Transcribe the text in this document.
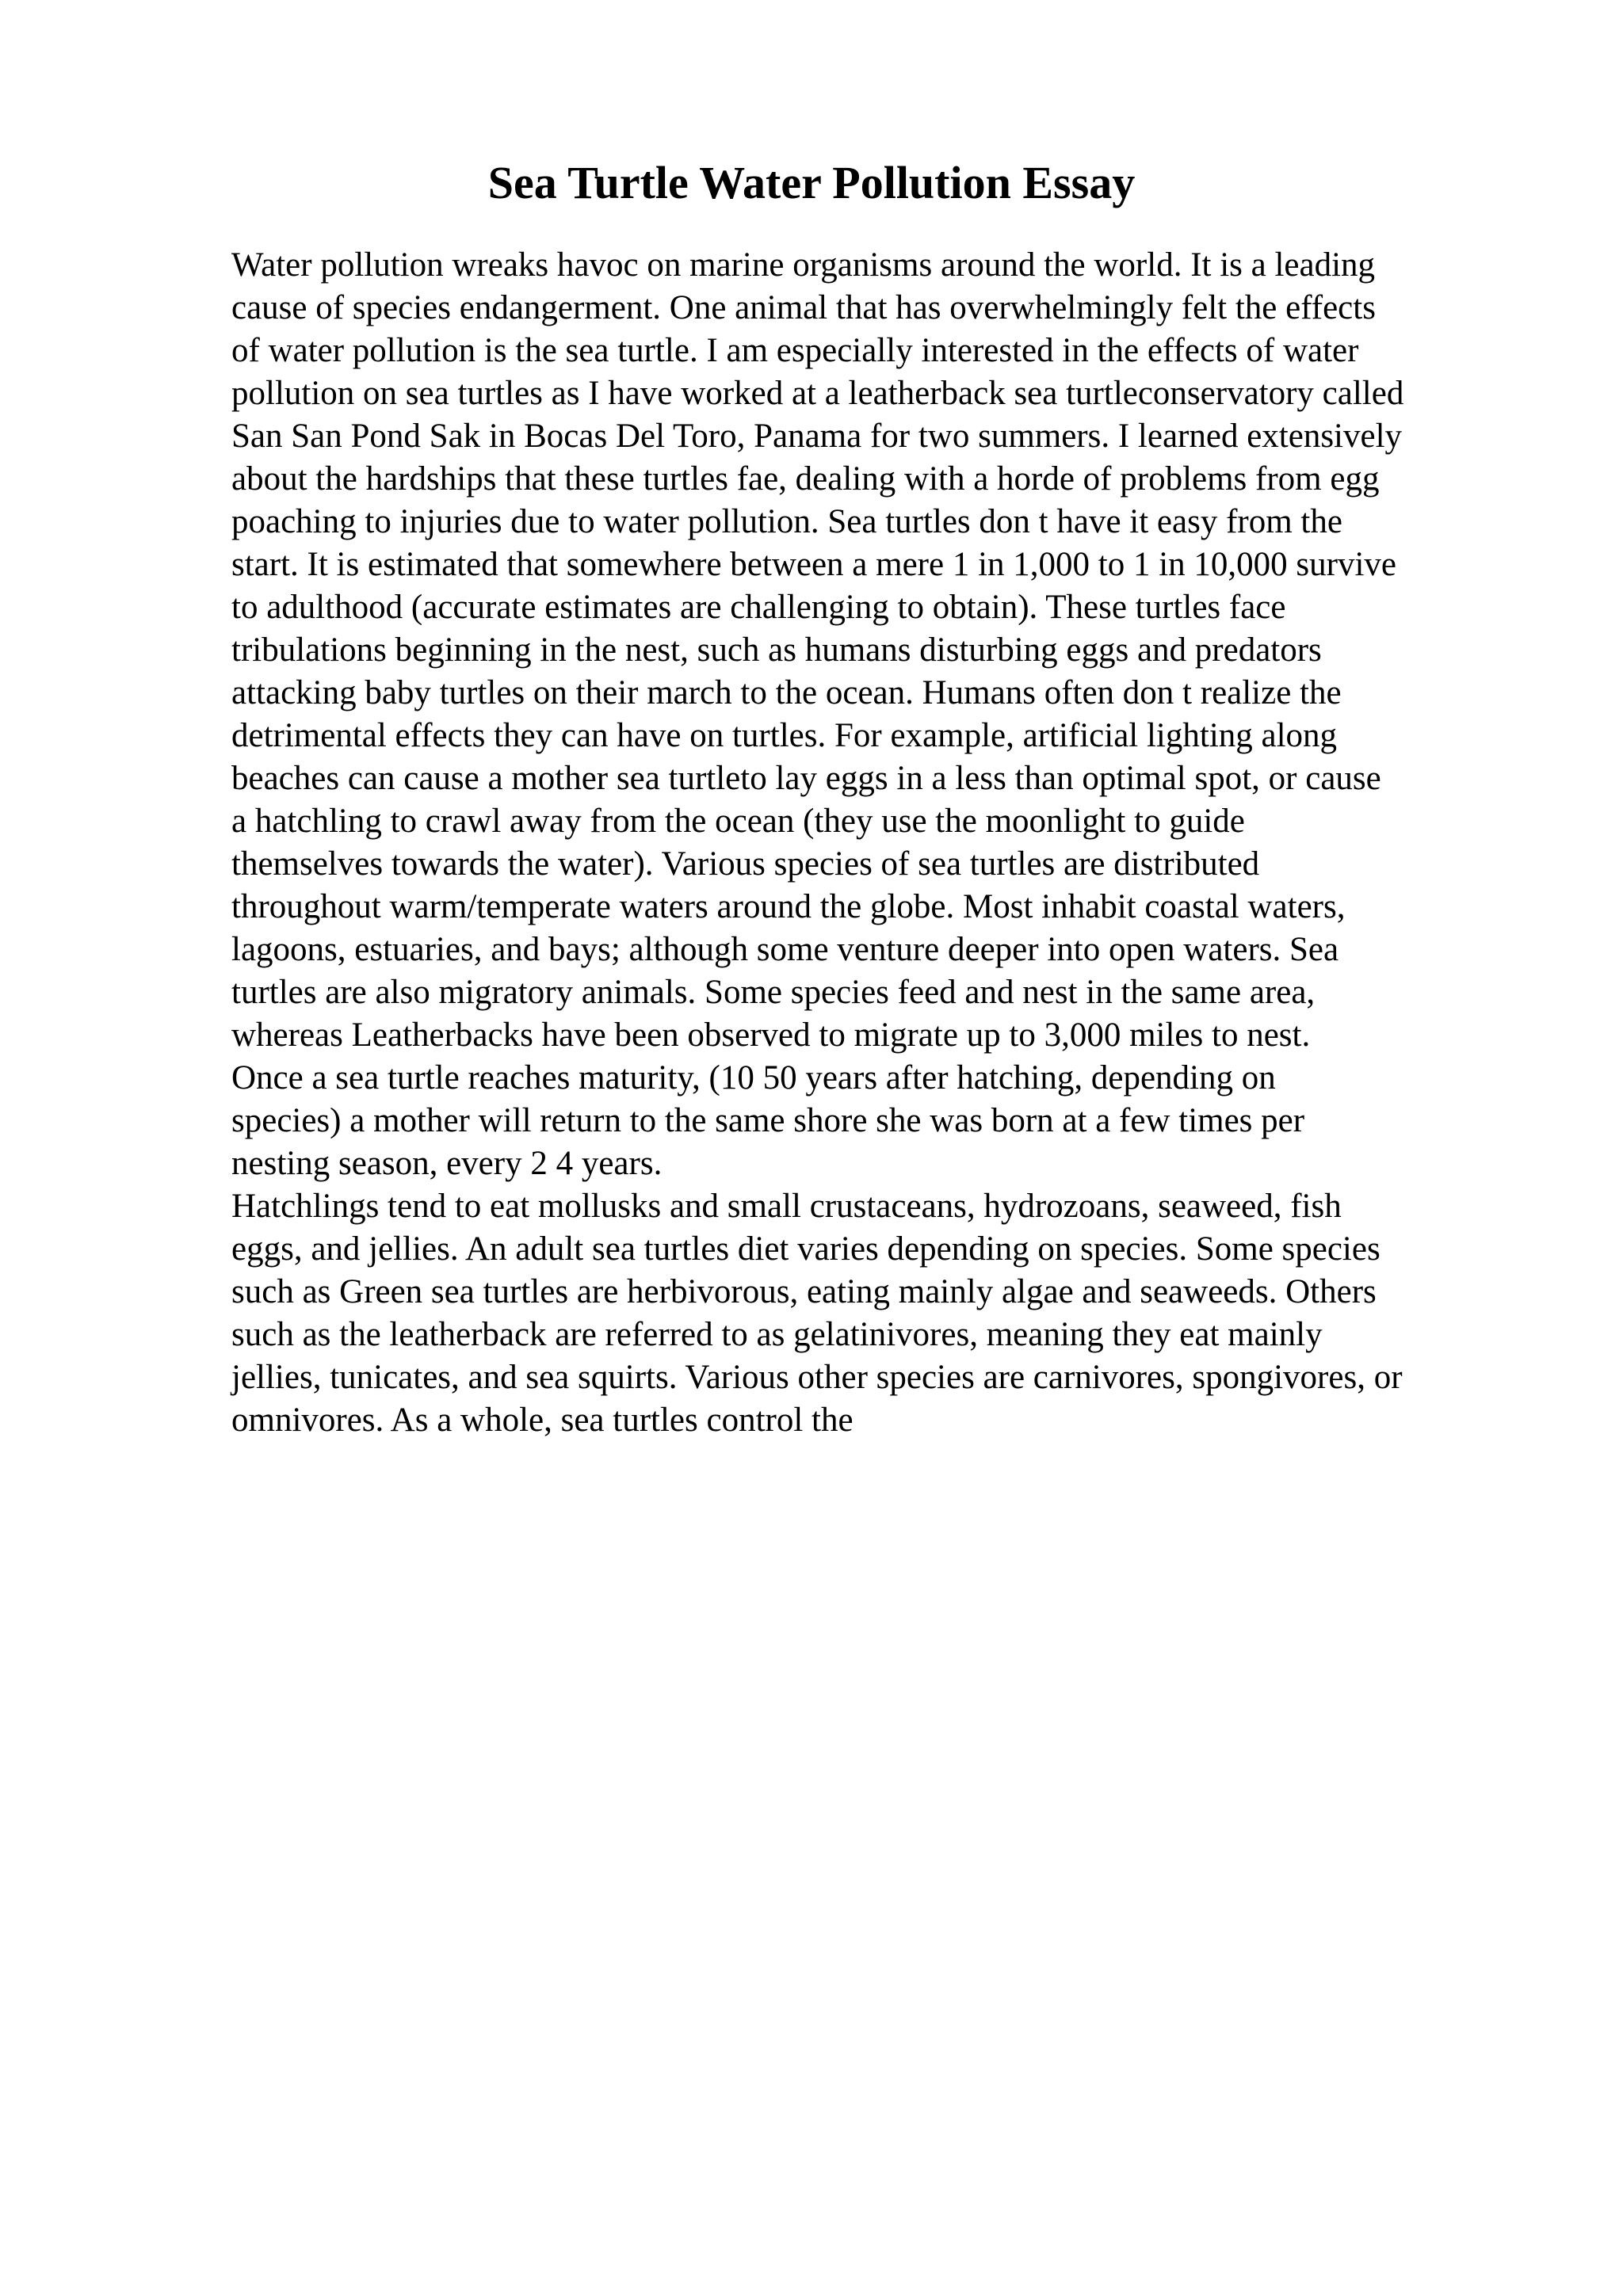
Sea Turtle Water Pollution Essay
Water pollution wreaks havoc on marine organisms around the world. It is a leading
cause of species endangerment. One animal that has overwhelmingly felt the effects
of water pollution is the sea turtle. I am especially interested in the effects of water
pollution on sea turtles as I have worked at a leatherback sea turtleconservatory called
San San Pond Sak in Bocas Del Toro, Panama for two summers. I learned extensively
about the hardships that these turtles fae, dealing with a horde of problems from egg
poaching to injuries due to water pollution. Sea turtles don t have it easy from the
start. It is estimated that somewhere between a mere 1 in 1,000 to 1 in 10,000 survive
to adulthood (accurate estimates are challenging to obtain). These turtles face
tribulations beginning in the nest, such as humans disturbing eggs and predators
attacking baby turtles on their march to the ocean. Humans often don t realize the
detrimental effects they can have on turtles. For example, artificial lighting along
beaches can cause a mother sea turtleto lay eggs in a less than optimal spot, or cause
a hatchling to crawl away from the ocean (they use the moonlight to guide
themselves towards the water). Various species of sea turtles are distributed
throughout warm/temperate waters around the globe. Most inhabit coastal waters,
lagoons, estuaries, and bays; although some venture deeper into open waters. Sea
turtles are also migratory animals. Some species feed and nest in the same area,
whereas Leatherbacks have been observed to migrate up to 3,000 miles to nest.
Once a sea turtle reaches maturity, (10 50 years after hatching, depending on
species) a mother will return to the same shore she was born at a few times per
nesting season, every 2 4 years.
Hatchlings tend to eat mollusks and small crustaceans, hydrozoans, seaweed, fish
eggs, and jellies. An adult sea turtles diet varies depending on species. Some species
such as Green sea turtles are herbivorous, eating mainly algae and seaweeds. Others
such as the leatherback are referred to as gelatinivores, meaning they eat mainly
jellies, tunicates, and sea squirts. Various other species are carnivores, spongivores, or
omnivores. As a whole, sea turtles control the
